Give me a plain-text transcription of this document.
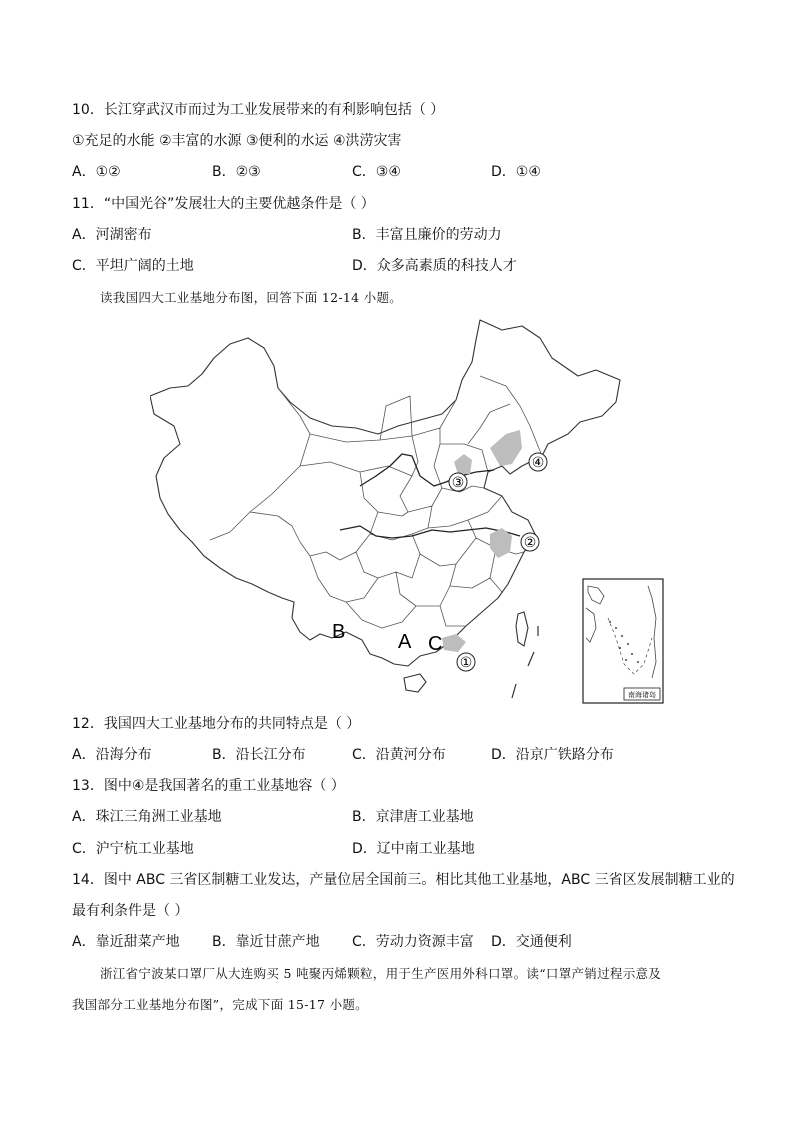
10．长江穿武汉市而过为工业发展带来的有利影响包括（ ）
①充足的水能 ②丰富的水源 ③便利的水运 ④洪涝灾害
A．①②	B．②③	C．③④	D．①④
11．“中国光谷”发展壮大的主要优越条件是（ ）
A．河湖密布	B．丰富且廉价的劳动力
C．平坦广阔的土地	D．众多高素质的科技人才
读我国四大工业基地分布图，回答下面 12-14 小题。
④
③
②
①
B	A C
南海诸岛
12．我国四大工业基地分布的共同特点是（ ）
A．沿海分布	B．沿长江分布	C．沿黄河分布	D．沿京广铁路分布
13．图中④是我国著名的重工业基地容（ ）
A．珠江三角洲工业基地	B．京津唐工业基地
C．沪宁杭工业基地	D．辽中南工业基地
14．图中 ABC 三省区制糖工业发达，产量位居全国前三。相比其他工业基地，ABC 三省区发展制糖工业的
最有利条件是（ ）
A．靠近甜菜产地 B．靠近甘蔗产地 C．劳动力资源丰富 D．交通便利
浙江省宁波某口罩厂从大连购买 5 吨聚丙烯颗粒，用于生产医用外科口罩。读“口罩产销过程示意及
我国部分工业基地分布图”，完成下面 15-17 小题。
